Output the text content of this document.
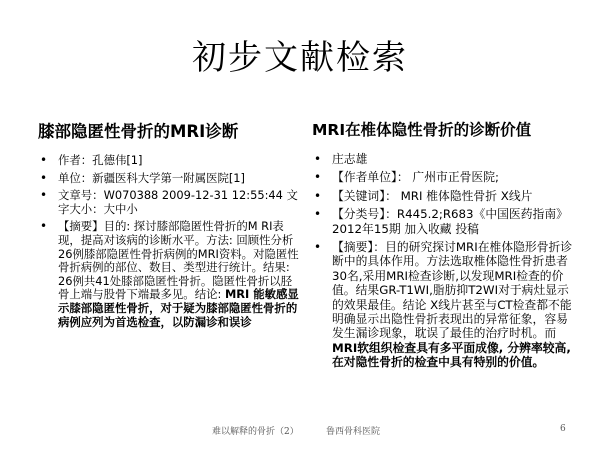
初步文献检索
膝部隐匿性骨折的MRI诊断
• 作者：孔德伟[1]
• 单位：新疆医科大学第一附属医院[1]
• 文章号：W070388 2009-12-31 12:55:44 文字大小：大中小
• 【摘要】目的: 探讨膝部隐匿性骨折的M RI表现，提高对该病的诊断水平。方法: 回顾性分析26例膝部隐匿性骨折病例的MRI资料。对隐匿性骨折病例的部位、数目、类型进行统计。结果: 26例共41处膝部隐匿性骨折。隐匿性骨折以胫骨上端与股骨下端最多见。结论: MRI 能敏感显示膝部隐匿性骨折，对于疑为膝部隐匿性骨折的病例应列为首选检查，以防漏诊和误诊
MRI在椎体隐性骨折的诊断价值
• 庄志雄
• 【作者单位】： 广州市正骨医院;
• 【关键词】： MRI 椎体隐性骨折 X线片
• 【分类号】：R445.2;R683《中国医药指南》 2012年15期 加入收藏 投稿
• 【摘要】：目的研究探讨MRI在椎体隐形骨折诊断中的具体作用。方法选取椎体隐性骨折患者30名,采用MRI检查诊断,以发现MRI检查的价值。结果GR-T1WI,脂肪抑T2WI对于病灶显示的效果最佳。结论 X线片甚至与CT检查都不能明确显示出隐性骨折表现出的异常征象，容易发生漏诊现象，耽误了最佳的治疗时机。而MRI软组织检查具有多平面成像, 分辨率较高, 在对隐性骨折的检查中具有特别的价值。
难以解释的骨折（2）	鲁西骨科医院	6
